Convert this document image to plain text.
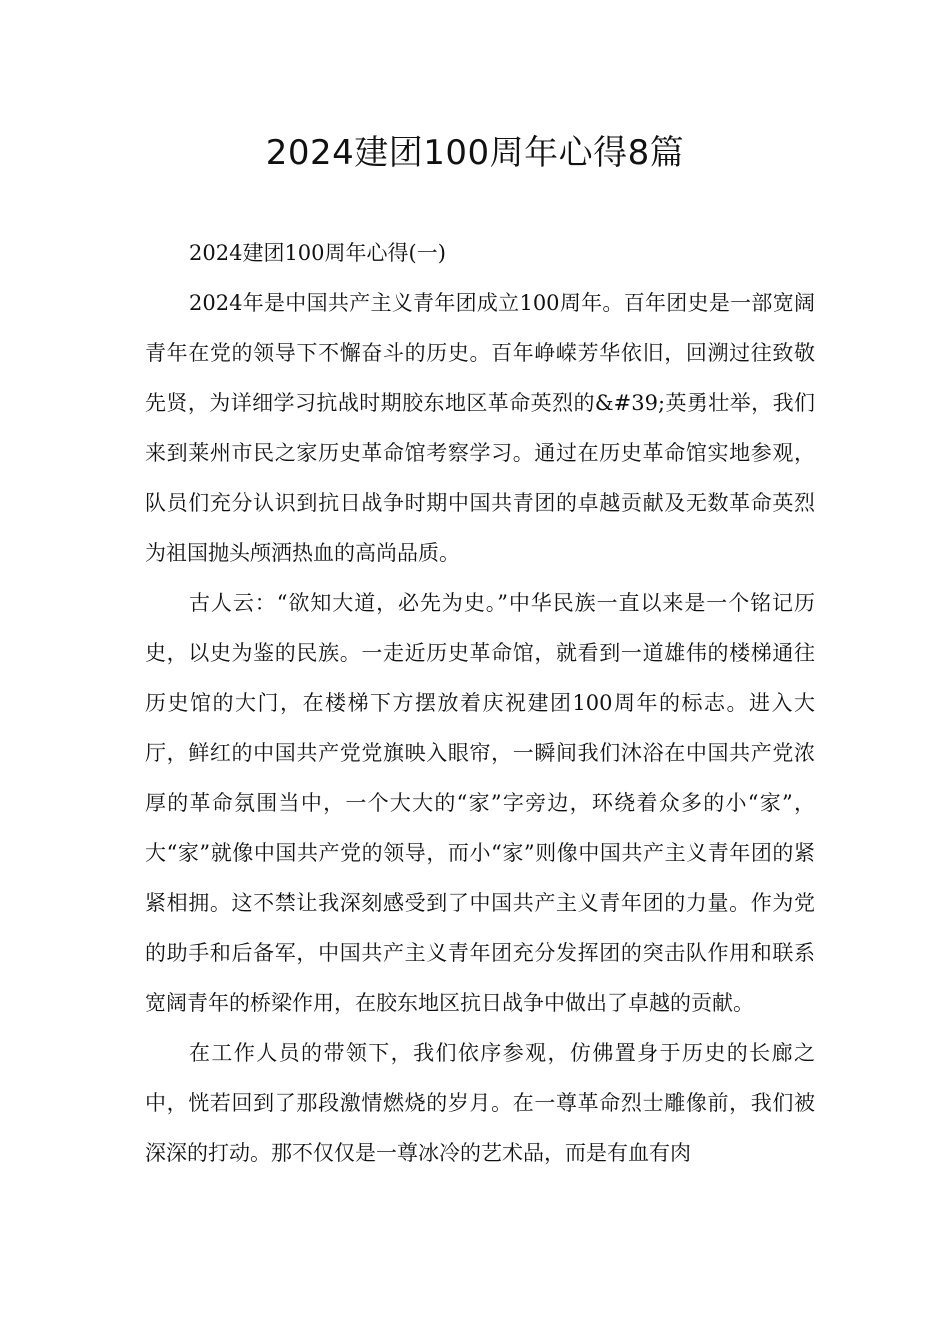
2024建团100周年心得8篇

2024建团100周年心得(一)

2024年是中国共产主义青年团成立100周年。百年团史是一部宽阔青年在党的领导下不懈奋斗的历史。百年峥嵘芳华依旧，回溯过往致敬先贤，为详细学习抗战时期胶东地区革命英烈的&#39;英勇壮举，我们来到莱州市民之家历史革命馆考察学习。通过在历史革命馆实地参观，队员们充分认识到抗日战争时期中国共青团的卓越贡献及无数革命英烈为祖国抛头颅洒热血的高尚品质。

古人云：“欲知大道，必先为史。”中华民族一直以来是一个铭记历史，以史为鉴的民族。一走近历史革命馆，就看到一道雄伟的楼梯通往历史馆的大门，在楼梯下方摆放着庆祝建团100周年的标志。进入大厅，鲜红的中国共产党党旗映入眼帘，一瞬间我们沐浴在中国共产党浓厚的革命氛围当中，一个大大的“家”字旁边，环绕着众多的小“家”，大“家”就像中国共产党的领导，而小“家”则像中国共产主义青年团的紧紧相拥。这不禁让我深刻感受到了中国共产主义青年团的力量。作为党的助手和后备军，中国共产主义青年团充分发挥团的突击队作用和联系宽阔青年的桥梁作用，在胶东地区抗日战争中做出了卓越的贡献。

在工作人员的带领下，我们依序参观，仿佛置身于历史的长廊之中，恍若回到了那段激情燃烧的岁月。在一尊革命烈士雕像前，我们被深深的打动。那不仅仅是一尊冰冷的艺术品，而是有血有肉
